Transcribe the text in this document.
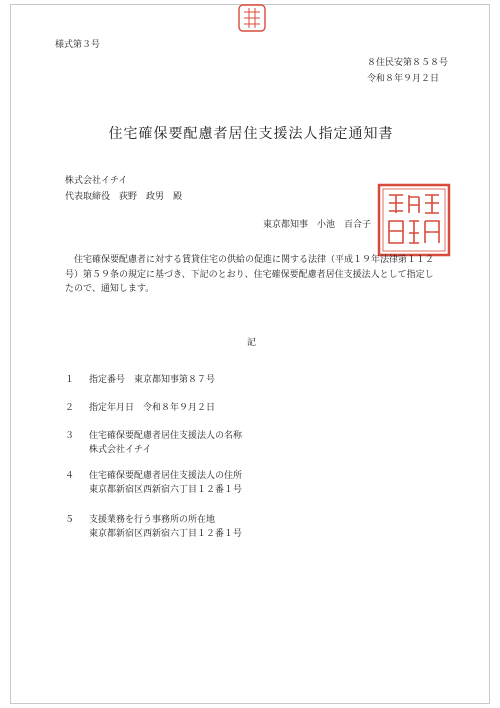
様式第３号
８住民安第８５８号
令和８年９月２日
住宅確保要配慮者居住支援法人指定通知書
株式会社イチイ
代表取締役　荻野　政男　殿
東京都知事　小池　百合子
住宅確保要配慮者に対する賃貸住宅の供給の促進に関する法律（平成１９年法律第１１２号）第５９条の規定に基づき、下記のとおり、住宅確保要配慮者居住支援法人として指定したので、通知します。
記
１ 指定番号　東京都知事第８７号
２ 指定年月日　令和８年９月２日
３ 住宅確保要配慮者居住支援法人の名称
株式会社イチイ
４ 住宅確保要配慮者居住支援法人の住所
東京都新宿区西新宿六丁目１２番１号
５ 支援業務を行う事務所の所在地
東京都新宿区西新宿六丁目１２番１号
